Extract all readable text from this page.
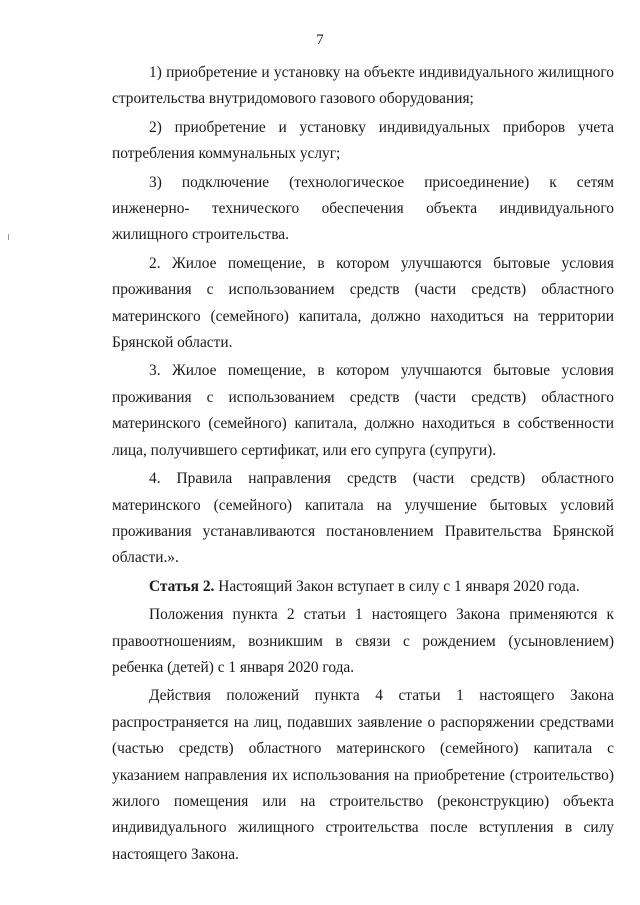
7

1) приобретение и установку на объекте индивидуального жилищного строительства внутридомового газового оборудования;

2) приобретение и установку индивидуальных приборов учета потребления коммунальных услуг;

3) подключение (технологическое присоединение) к сетям инженерно- технического обеспечения объекта индивидуального жилищного строительства.

2. Жилое помещение, в котором улучшаются бытовые условия проживания с использованием средств (части средств) областного материнского (семейного) капитала, должно находиться на территории Брянской области.

3. Жилое помещение, в котором улучшаются бытовые условия проживания с использованием средств (части средств) областного материнского (семейного) капитала, должно находиться в собственности лица, получившего сертификат, или его супруга (супруги).

4. Правила направления средств (части средств) областного материнского (семейного) капитала на улучшение бытовых условий проживания устанавливаются постановлением Правительства Брянской области.».

Статья 2. Настоящий Закон вступает в силу с 1 января 2020 года.

Положения пункта 2 статьи 1 настоящего Закона применяются к правоотношениям, возникшим в связи с рождением (усыновлением) ребенка (детей) с 1 января 2020 года.

Действия положений пункта 4 статьи 1 настоящего Закона распространяется на лиц, подавших заявление о распоряжении средствами (частью средств) областного материнского (семейного) капитала с указанием направления их использования на приобретение (строительство) жилого помещения или на строительство (реконструкцию) объекта индивидуального жилищного строительства после вступления в силу настоящего Закона.
